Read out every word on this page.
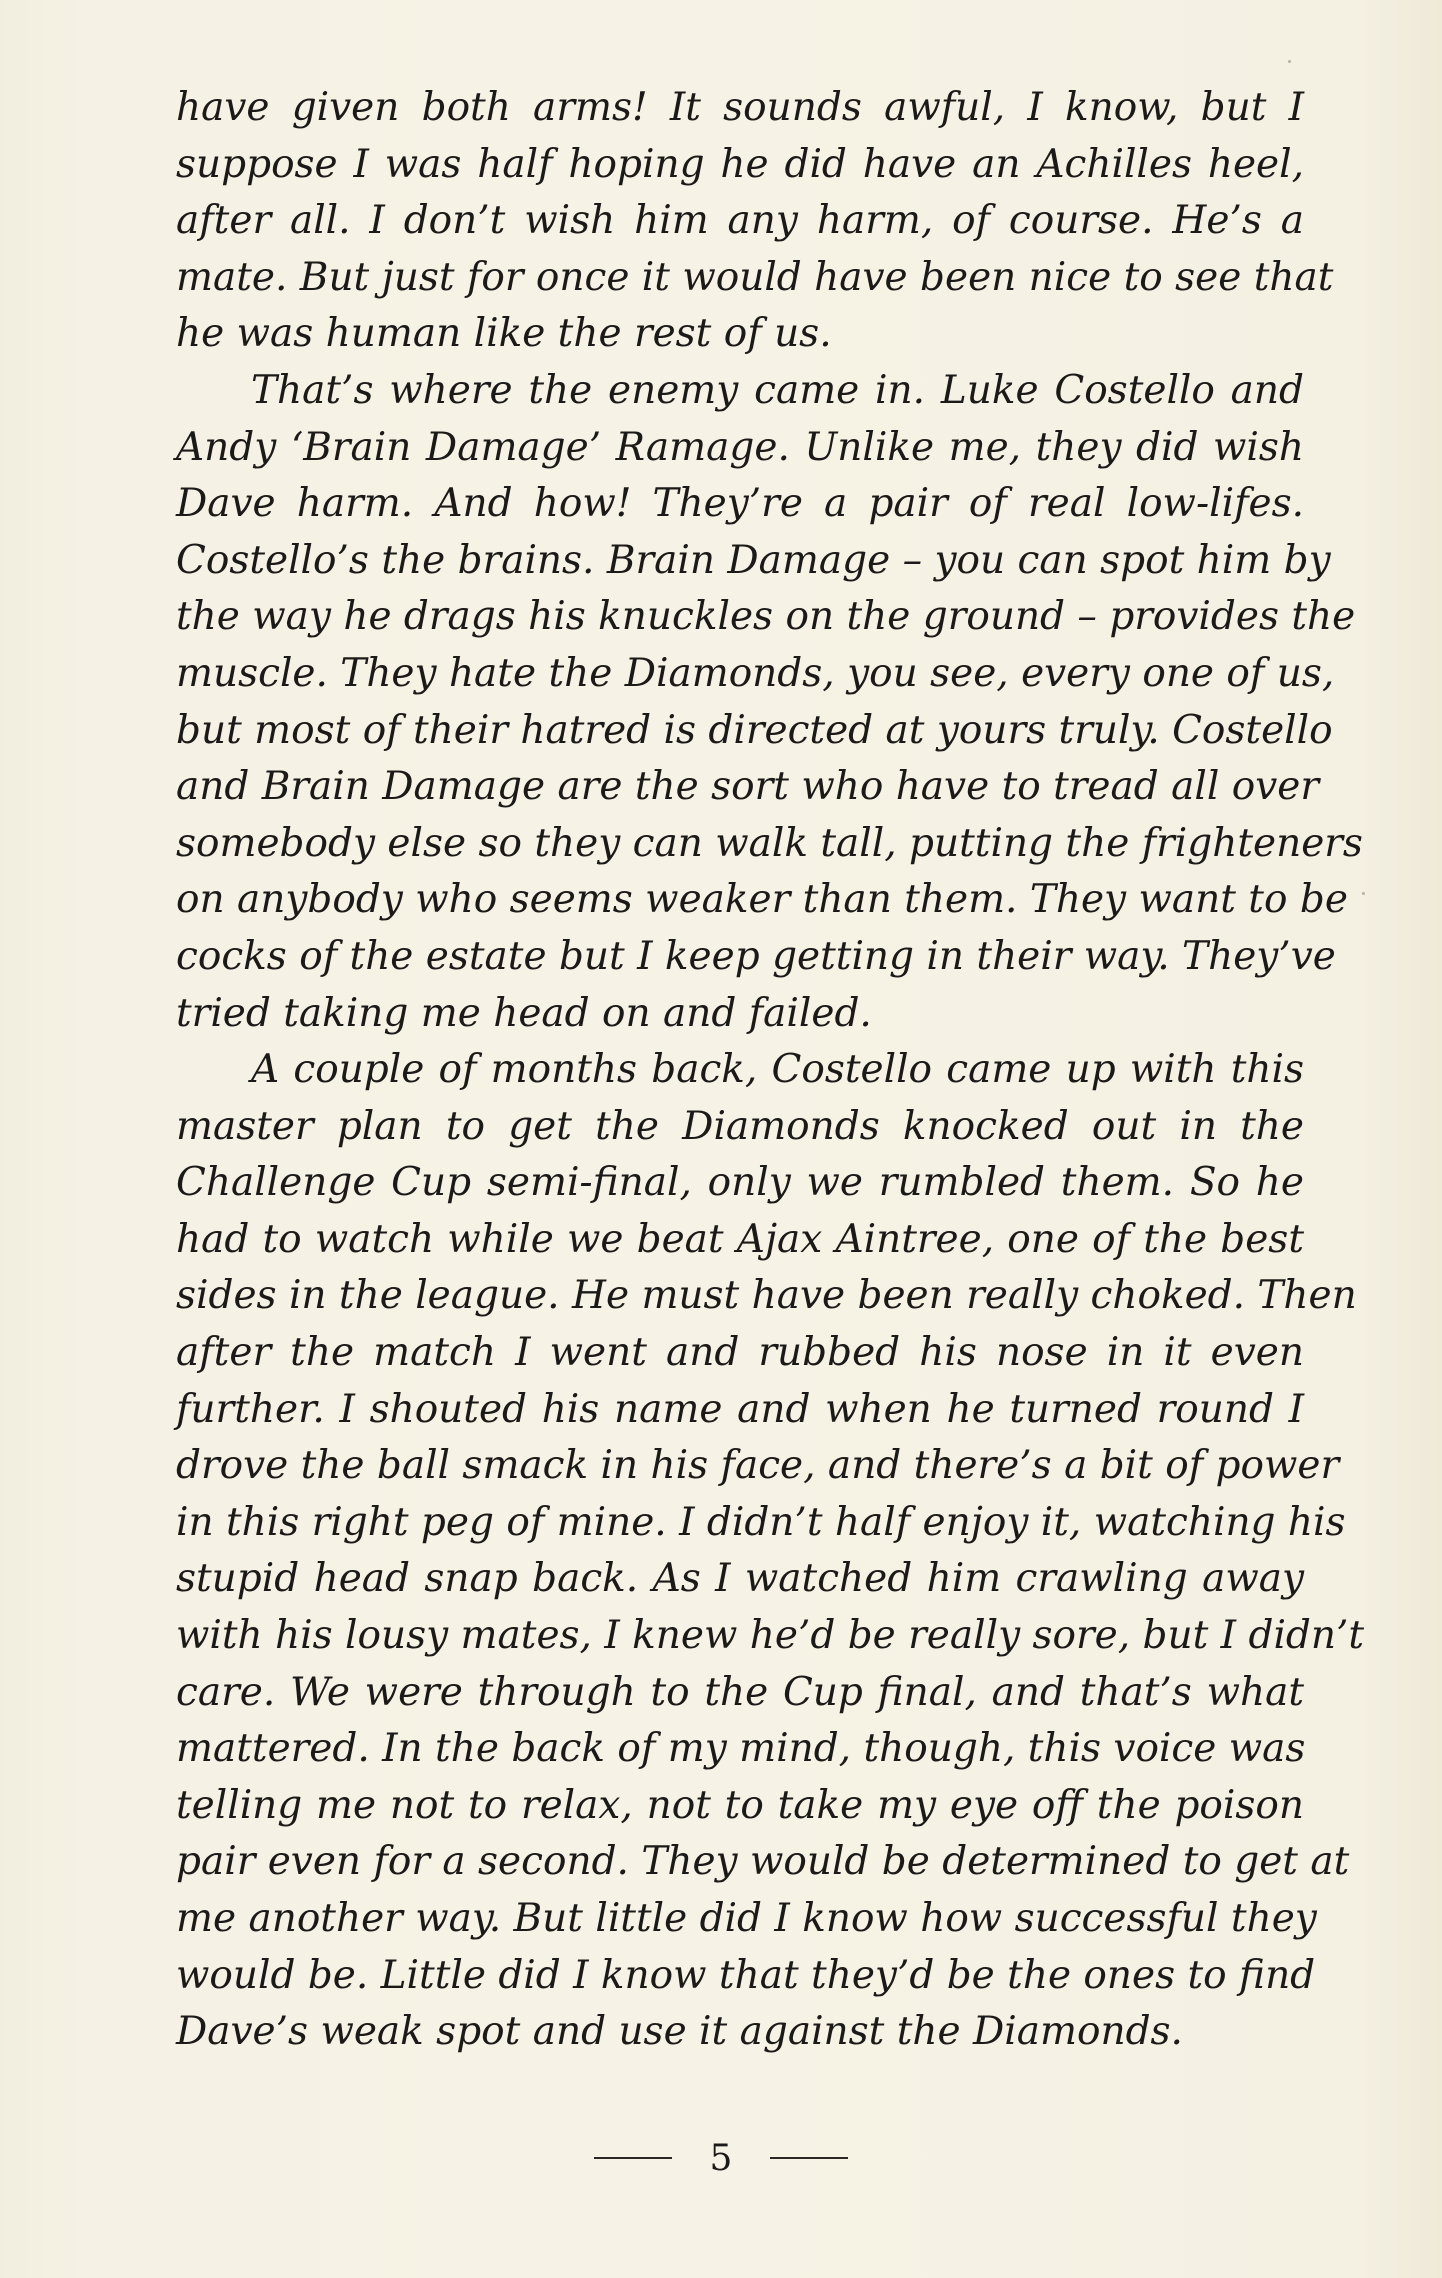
have given both arms! It sounds awful, I know, but I
suppose I was half hoping he did have an Achilles heel,
after all. I don’t wish him any harm, of course. He’s a
mate. But just for once it would have been nice to see that
he was human like the rest of us.
That’s where the enemy came in. Luke Costello and
Andy ‘Brain Damage’ Ramage. Unlike me, they did wish
Dave harm. And how! They’re a pair of real low-lifes.
Costello’s the brains. Brain Damage – you can spot him by
the way he drags his knuckles on the ground – provides the
muscle. They hate the Diamonds, you see, every one of us,
but most of their hatred is directed at yours truly. Costello
and Brain Damage are the sort who have to tread all over
somebody else so they can walk tall, putting the frighteners
on anybody who seems weaker than them. They want to be
cocks of the estate but I keep getting in their way. They’ve
tried taking me head on and failed.
A couple of months back, Costello came up with this
master plan to get the Diamonds knocked out in the
Challenge Cup semi-final, only we rumbled them. So he
had to watch while we beat Ajax Aintree, one of the best
sides in the league. He must have been really choked. Then
after the match I went and rubbed his nose in it even
further. I shouted his name and when he turned round I
drove the ball smack in his face, and there’s a bit of power
in this right peg of mine. I didn’t half enjoy it, watching his
stupid head snap back. As I watched him crawling away
with his lousy mates, I knew he’d be really sore, but I didn’t
care. We were through to the Cup final, and that’s what
mattered. In the back of my mind, though, this voice was
telling me not to relax, not to take my eye off the poison
pair even for a second. They would be determined to get at
me another way. But little did I know how successful they
would be. Little did I know that they’d be the ones to find
Dave’s weak spot and use it against the Diamonds.
5
